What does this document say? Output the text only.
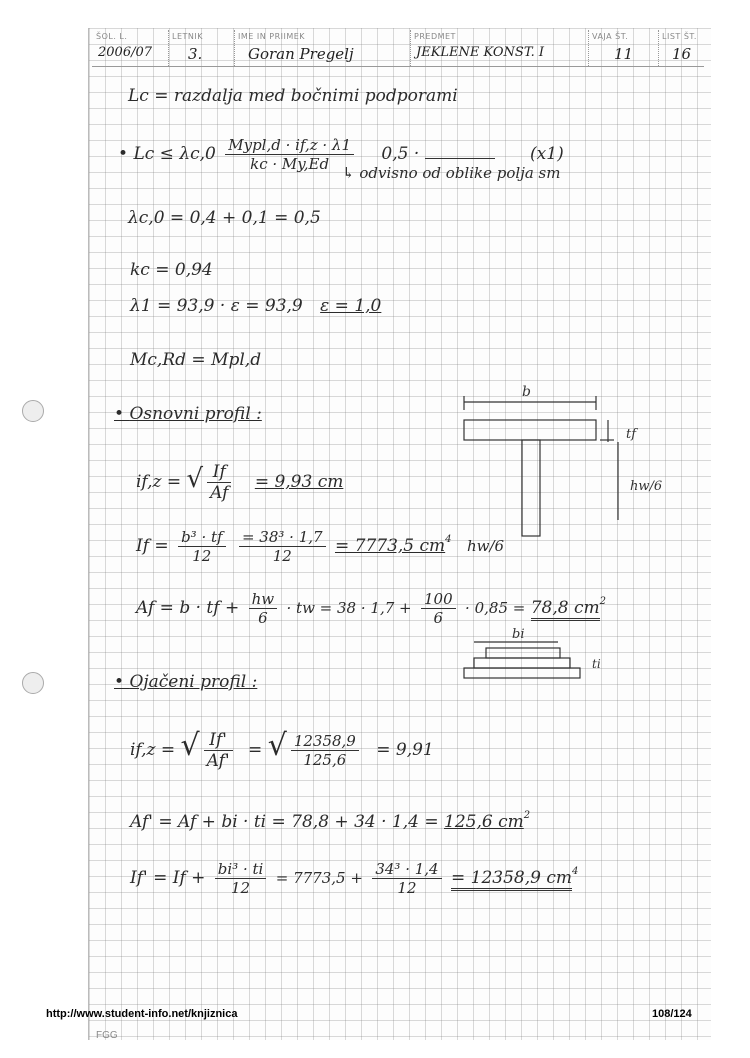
ŠOL. L.
2006/07
LETNIK
3.
IME IN PRIIMEK
Goran Pregelj
PREDMET
JEKLENE KONST. I
VAJA ŠT.
11
LIST ŠT.
16
Lc = razdalja med bočnimi podporami
• $Lc \le \lambda c,0 \frac{\text{Mypl,d · if,z · λ1}}{kc \cdot My,Ed} 0,5$ ·	(x1)
↳ odvisno od oblike polja sm
λc,0 = 0,4 + 0,1 = 0,5
kc = 0,94
λ1 = 93,9 · ε = 93,9 ε = 1,0
Mc,Rd = Mpl,d
• Osnovni profil :
if,z = √ $\frac{If}{Af} = 9,93$ cm
$If = \frac{\text{b³ · tf}}{12}$
$\frac{\text{= 38³ · 1,7}}{12} = 7773,5$ $cm^4$ hw/6
Af = b · tf + $\frac{hw}{6}$ · tw = $38 \cdot 1,7 + \frac{100}{6} \cdot 0,85 = 78,8$ $cm^2$
• Ojačeni profil :
if,z = √ $\frac{If'}{Af'}$ = √ $\frac{12358,9}{125,6} = 9,91$
Af' = Af + bi · ti = 78,8 + 34 · 1,4 = 125,6 $cm^2$
$If' = If + \frac{\text{bi³ · ti}}{12} = 7773,5 + \frac{\text{34³ · 1,4}}{12} = 12358,9$ $cm^4$
b
tf
hw/6
bi
ti
http://www.student-info.net/knjiznica	108/124
FGG
